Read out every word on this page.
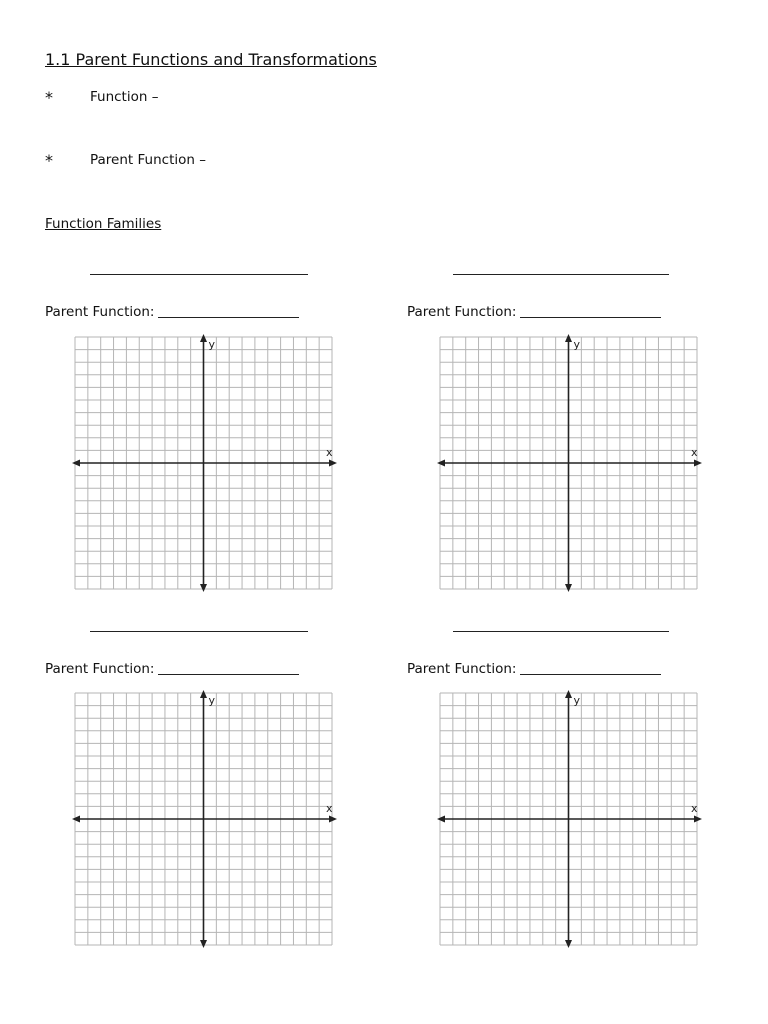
1.1 Parent Functions and Transformations
*	Function –
*	Parent Function –
Function Families
Parent Function:	Parent Function:
x
y
x
y
Parent Function:	Parent Function:
x
y
x
y
